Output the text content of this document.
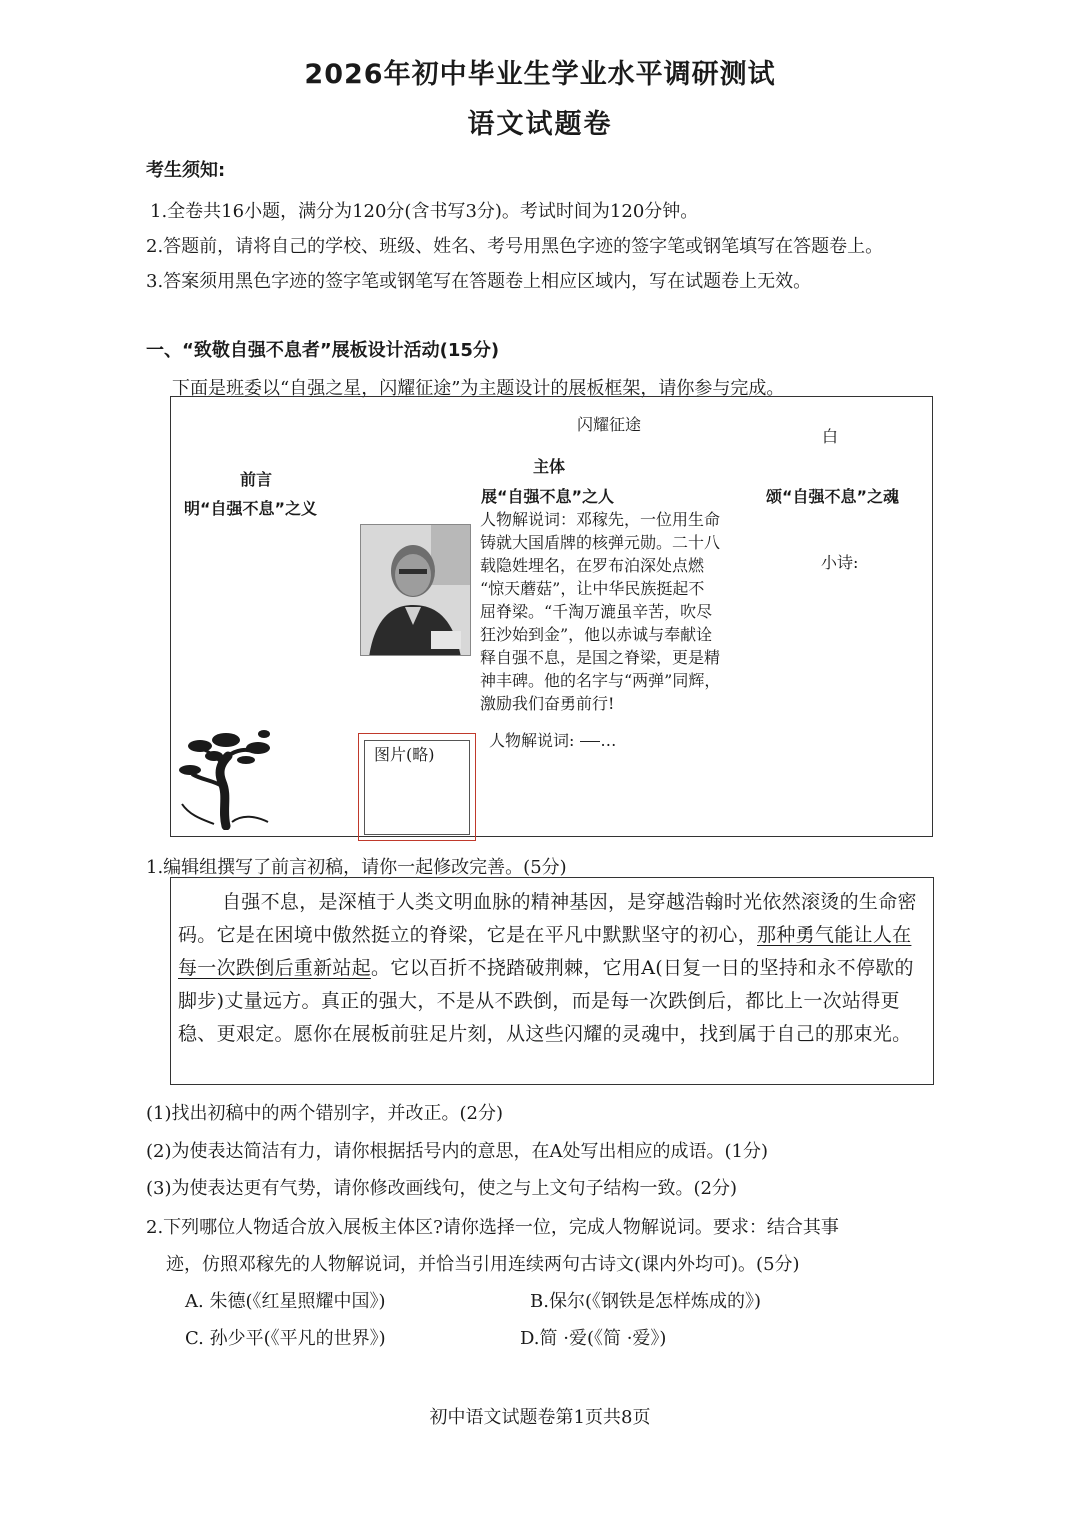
2026年初中毕业生学业水平调研测试
语文试题卷
考生须知:
1.全卷共16小题，满分为120分(含书写3分)。考试时间为120分钟。
2.答题前，请将自己的学校、班级、姓名、考号用黑色字迹的签字笔或钢笔填写在答题卷上。
3.答案须用黑色字迹的签字笔或钢笔写在答题卷上相应区域内，写在试题卷上无效。
一、“致敬自强不息者”展板设计活动(15分)
下面是班委以“自强之星，闪耀征途”为主题设计的展板框架，请你参与完成。
闪耀征途
白
前言
明“自强不息”之义
主体
展“自强不息”之人	颂“自强不息”之魂
小诗:
人物解说词：邓稼先，一位用生命
铸就大国盾牌的核弹元勋。二十八
载隐姓埋名，在罗布泊深处点燃
“惊天蘑菇”，让中华民族挺起不
屈脊梁。“千淘万漉虽辛苦，吹尽
狂沙始到金”，他以赤诚与奉献诠
释自强不息，是国之脊梁，更是精
神丰碑。他的名字与“两弹”同辉，
激励我们奋勇前行!
人物解说词: …
图片(略)
1.编辑组撰写了前言初稿，请你一起修改完善。(5分)
自强不息，是深植于人类文明血脉的精神基因，是穿越浩翰时光依然滚烫的生命密码。它是在困境中傲然挺立的脊梁，它是在平凡中默默坚守的初心，那种勇气能让人在每一次跌倒后重新站起。它以百折不挠踏破荆棘，它用A(日复一日的坚持和永不停歇的脚步)丈量远方。真正的强大，不是从不跌倒，而是每一次跌倒后，都比上一次站得更稳、更艰定。愿你在展板前驻足片刻，从这些闪耀的灵魂中，找到属于自己的那束光。
(1)找出初稿中的两个错别字，并改正。(2分)
(2)为使表达简洁有力，请你根据括号内的意思，在A处写出相应的成语。(1分)
(3)为使表达更有气势，请你修改画线句，使之与上文句子结构一致。(2分)
2.下列哪位人物适合放入展板主体区?请你选择一位，完成人物解说词。要求：结合其事
迹，仿照邓稼先的人物解说词，并恰当引用连续两句古诗文(课内外均可)。(5分)
A. 朱德(《红星照耀中国》)	B.保尔(《钢铁是怎样炼成的》)
C. 孙少平(《平凡的世界》)	D.简 ·爱(《简 ·爱》)
初中语文试题卷第1页共8页
